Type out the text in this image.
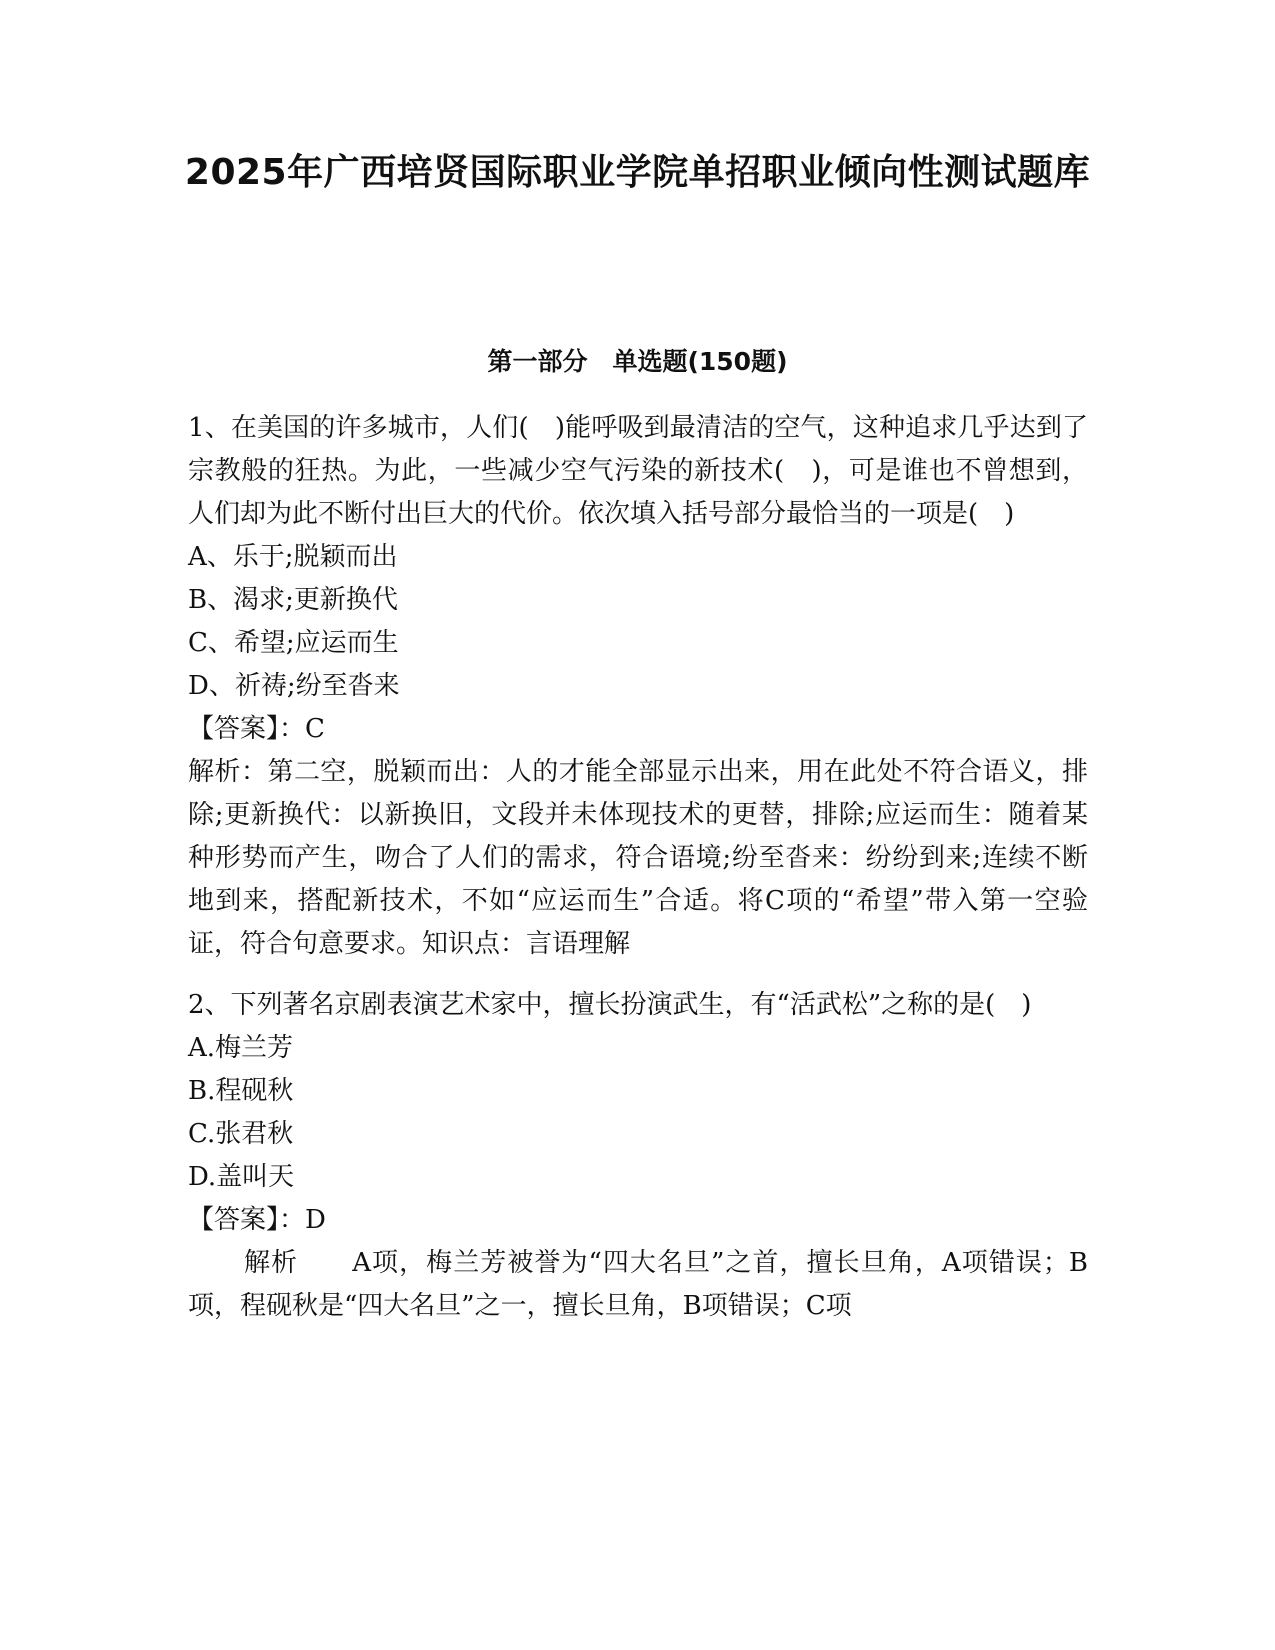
2025年广西培贤国际职业学院单招职业倾向性测试题库
第一部分　单选题(150题)

1、在美国的许多城市，人们(　)能呼吸到最清洁的空气，这种追求几乎达到了宗教般的狂热。为此，一些减少空气污染的新技术(　)，可是谁也不曾想到，人们却为此不断付出巨大的代价。依次填入括号部分最恰当的一项是(　)

A、乐于;脱颖而出

B、渴求;更新换代

C、希望;应运而生

D、祈祷;纷至沓来

【答案】：C

解析：第二空，脱颖而出：人的才能全部显示出来，用在此处不符合语义，排除;更新换代：以新换旧，文段并未体现技术的更替，排除;应运而生：随着某种形势而产生，吻合了人们的需求，符合语境;纷至沓来：纷纷到来;连续不断地到来，搭配新技术，不如“应运而生”合适。将C项的“希望”带入第一空验证，符合句意要求。知识点：言语理解

2、下列著名京剧表演艺术家中，擅长扮演武生，有“活武松”之称的是(　)

A.梅兰芳

B.程砚秋

C.张君秋

D.盖叫天

【答案】：D

解析　　A项，梅兰芳被誉为“四大名旦”之首，擅长旦角，A项错误；B项，程砚秋是“四大名旦”之一，擅长旦角，B项错误；C项
